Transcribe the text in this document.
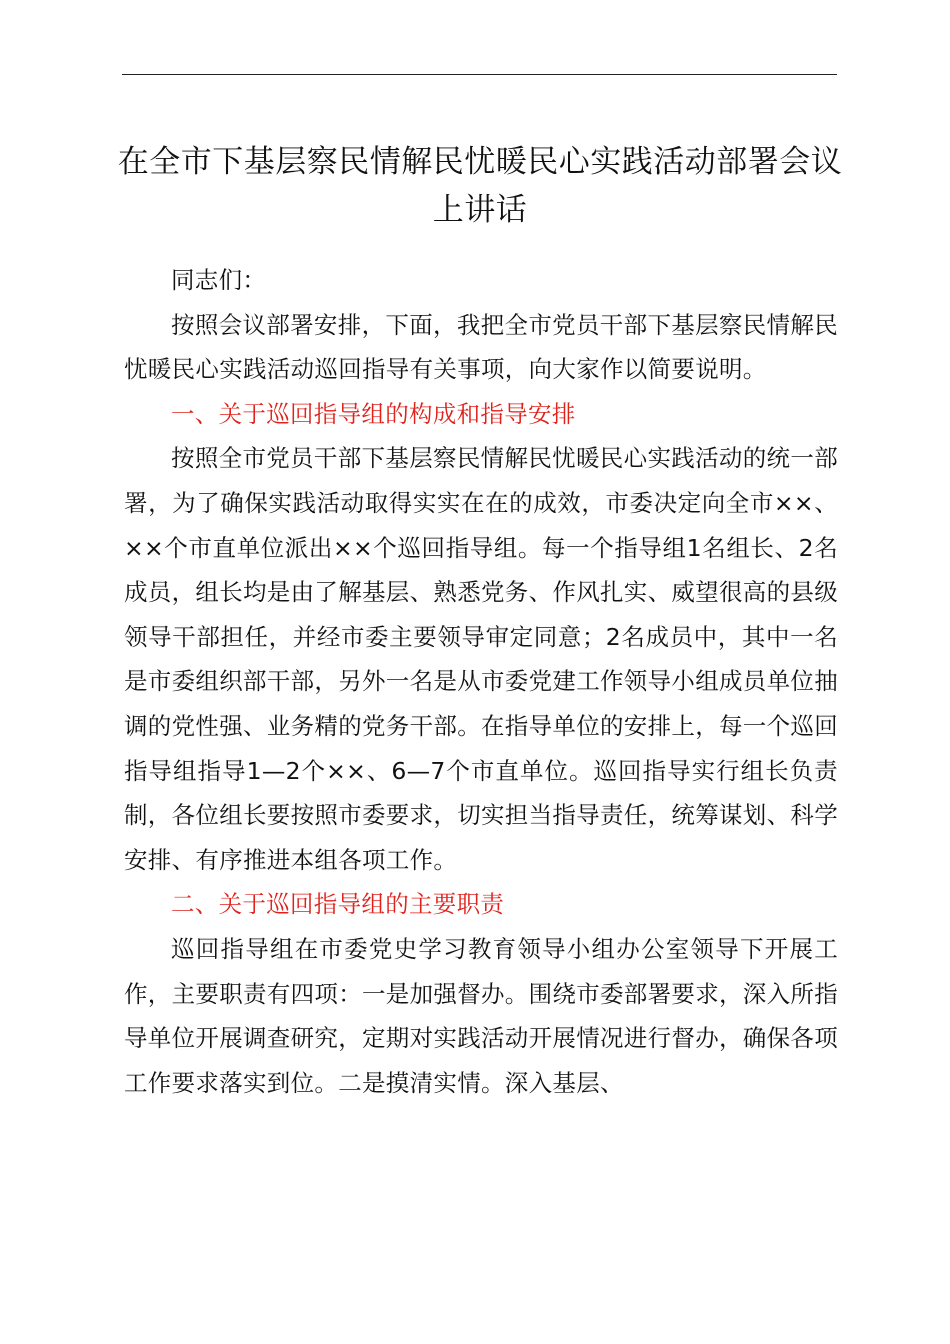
在全市下基层察民情解民忧暖民心实践活动部署会议上讲话

同志们：

按照会议部署安排，下面，我把全市党员干部下基层察民情解民忧暖民心实践活动巡回指导有关事项，向大家作以简要说明。

一、关于巡回指导组的构成和指导安排

按照全市党员干部下基层察民情解民忧暖民心实践活动的统一部署，为了确保实践活动取得实实在在的成效，市委决定向全市××、××个市直单位派出××个巡回指导组。每一个指导组1名组长、2名成员，组长均是由了解基层、熟悉党务、作风扎实、威望很高的县级领导干部担任，并经市委主要领导审定同意；2名成员中，其中一名是市委组织部干部，另外一名是从市委党建工作领导小组成员单位抽调的党性强、业务精的党务干部。在指导单位的安排上，每一个巡回指导组指导1—2个××、6—7个市直单位。巡回指导实行组长负责制，各位组长要按照市委要求，切实担当指导责任，统筹谋划、科学安排、有序推进本组各项工作。

二、关于巡回指导组的主要职责

巡回指导组在市委党史学习教育领导小组办公室领导下开展工作，主要职责有四项：一是加强督办。围绕市委部署要求，深入所指导单位开展调查研究，定期对实践活动开展情况进行督办，确保各项工作要求落实到位。二是摸清实情。深入基层、
